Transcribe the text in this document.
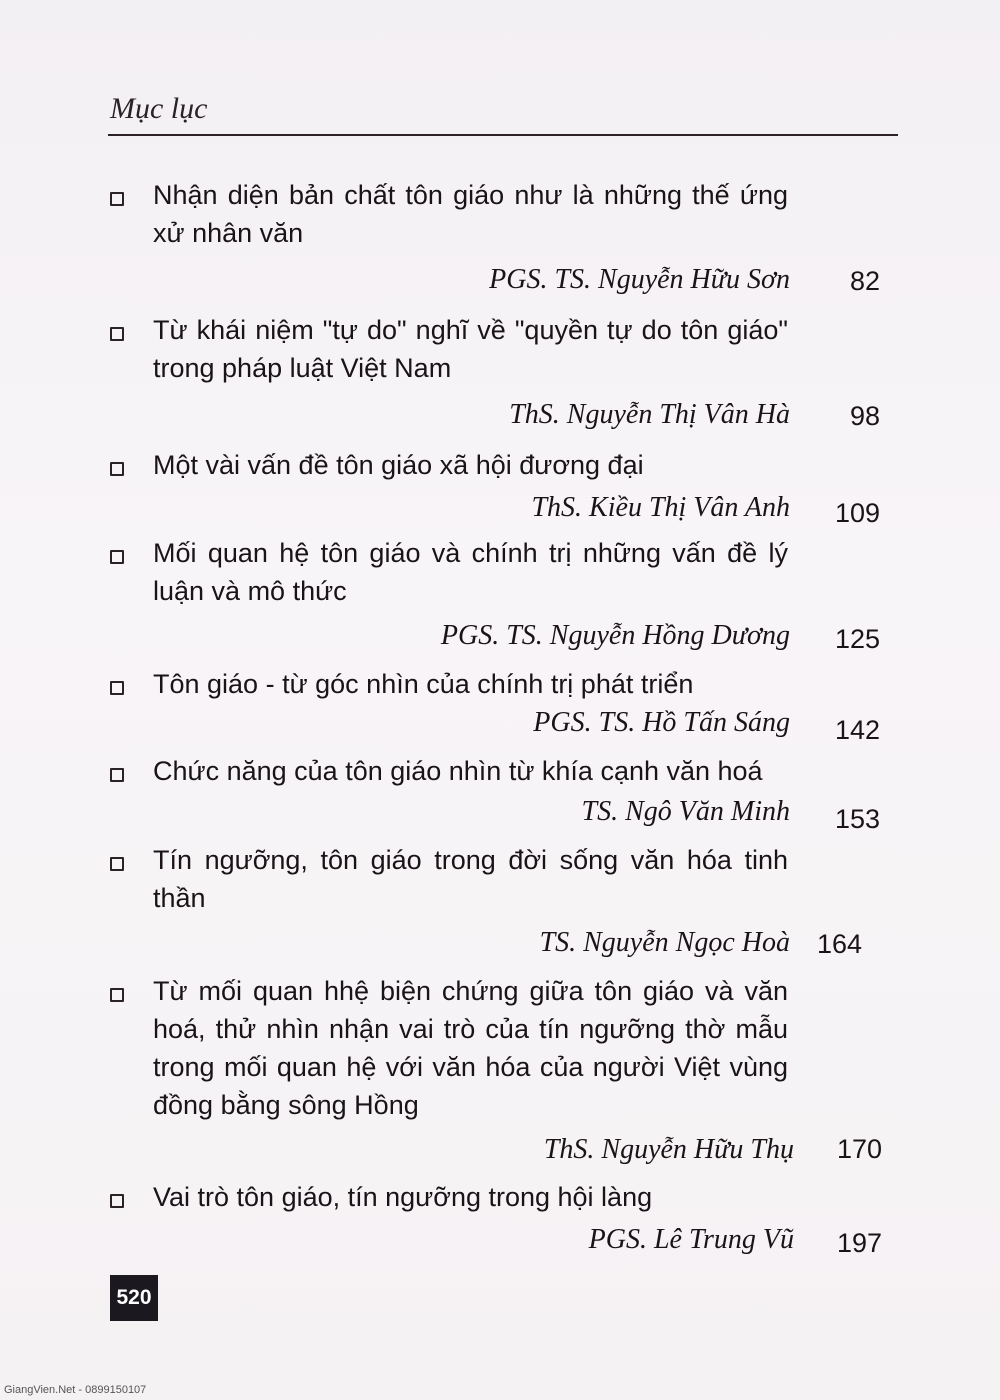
Mục lục
Nhận diện bản chất tôn giáo như là những thế ứng xử nhân văn
PGS. TS. Nguyễn Hữu Sơn	82
Từ khái niệm "tự do" nghĩ về "quyền tự do tôn giáo" trong pháp luật Việt Nam
ThS. Nguyễn Thị Vân Hà	98
Một vài vấn đề tôn giáo xã hội đương đại
ThS. Kiều Thị Vân Anh	109
Mối quan hệ tôn giáo và chính trị những vấn đề lý luận và mô thức
PGS. TS. Nguyễn Hồng Dương	125
Tôn giáo - từ góc nhìn của chính trị phát triển
PGS. TS. Hồ Tấn Sáng	142
Chức năng của tôn giáo nhìn từ khía cạnh văn hoá
TS. Ngô Văn Minh	153
Tín ngưỡng, tôn giáo trong đời sống văn hóa tinh thần
TS. Nguyễn Ngọc Hoà 164
Từ mối quan hhệ biện chứng giữa tôn giáo và văn hoá, thử nhìn nhận vai trò của tín ngưỡng thờ mẫu trong mối quan hệ với văn hóa của người Việt vùng đồng bằng sông Hồng
ThS. Nguyễn Hữu Thụ	170
Vai trò tôn giáo, tín ngưỡng trong hội làng
PGS. Lê Trung Vũ	197
520
GiangVien.Net - 0899150107
